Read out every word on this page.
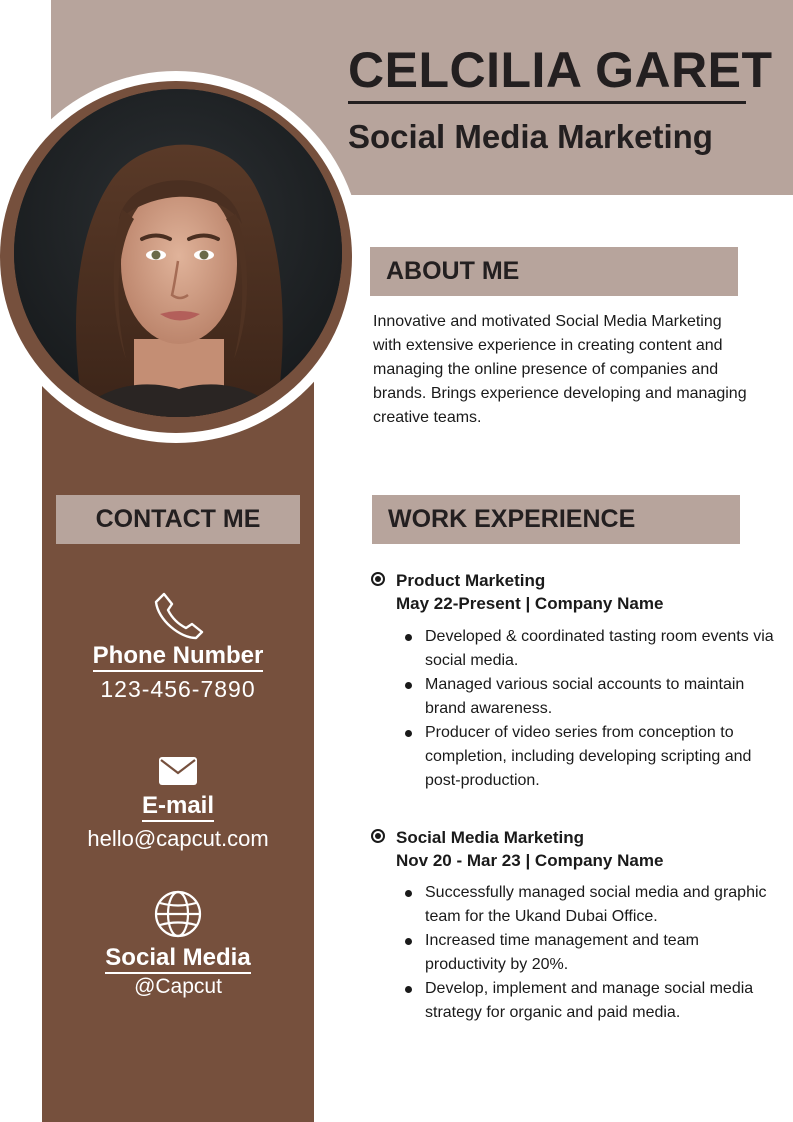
CELCILIA GARET
Social Media Marketing
ABOUT ME

Innovative and motivated Social Media Marketing with extensive experience in creating content and managing the online presence of companies and brands. Brings experience developing and managing creative teams.

CONTACT ME
Phone Number
123-456-7890
E-mail
hello@capcut.com
Social Media
@Capcut
WORK EXPERIENCE
Product Marketing
May 22-Present | Company Name
Developed & coordinated tasting room events via social media.
Managed various social accounts to maintain brand awareness.
Producer of video series from conception to completion, including developing scripting and post-production.
Social Media Marketing
Nov 20 - Mar 23 | Company Name
Successfully managed social media and graphic team for the Ukand Dubai Office.
Increased time management and team productivity by 20%.
Develop, implement and manage social media strategy for organic and paid media.
